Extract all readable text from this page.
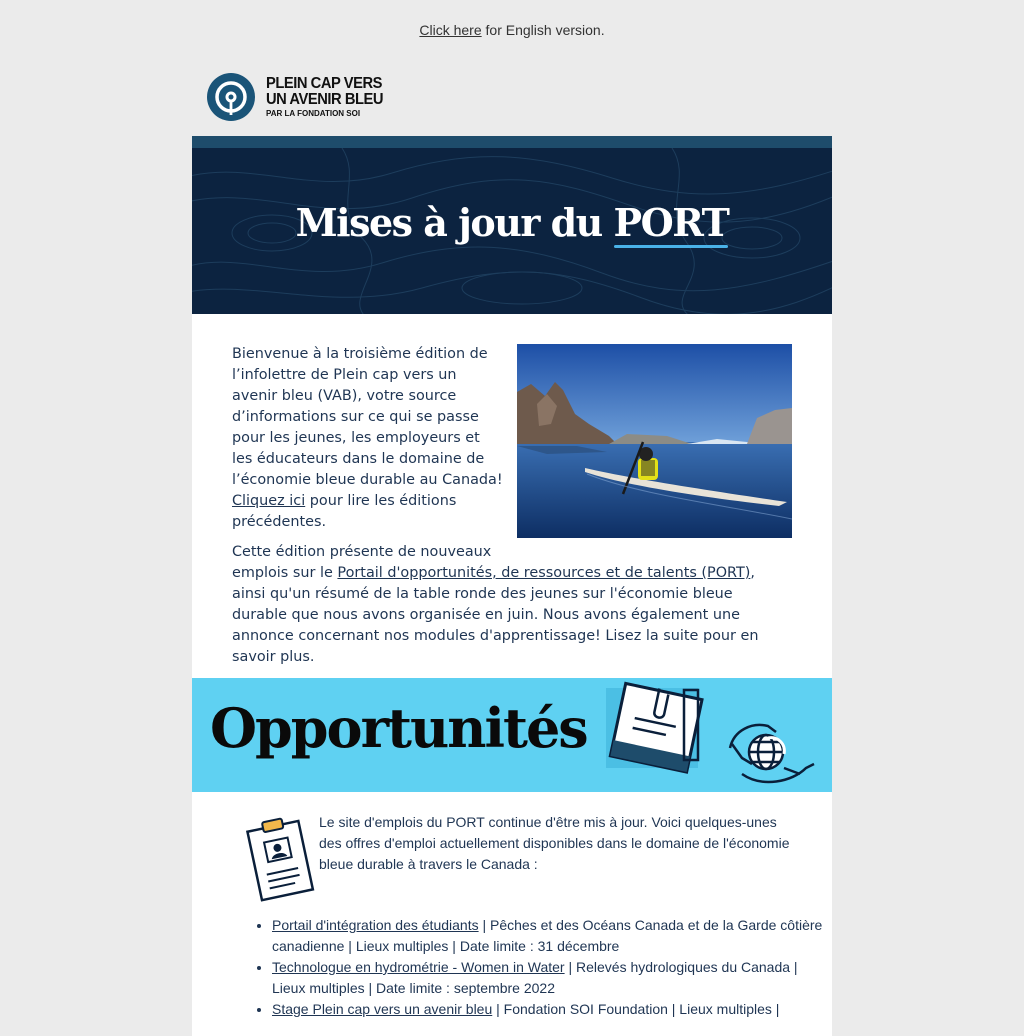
Click here for English version.
PLEIN CAP VERS
UN AVENIR BLEU
PAR LA FONDATION SOI
Mises à jour du PORT

Bienvenue à la troisième édition de l’infolettre de Plein cap vers un avenir bleu (VAB), votre source d’informations sur ce qui se passe pour les jeunes, les employeurs et les éducateurs dans le domaine de l’économie bleue durable au Canada! Cliquez ici pour lire les éditions précédentes.

Cette édition présente de nouveaux emplois sur le Portail d'opportunités, de ressources et de talents (PORT), ainsi qu'un résumé de la table ronde des jeunes sur l'économie bleue durable que nous avons organisée en juin. Nous avons également une annonce concernant nos modules d'apprentissage! Lisez la suite pour en savoir plus.

Opportunités

Le site d'emplois du PORT continue d'être mis à jour. Voici quelques-unes des offres d'emploi actuellement disponibles dans le domaine de l'économie bleue durable à travers le Canada :

• Portail d'intégration des étudiants | Pêches et des Océans Canada et de la Garde côtière canadienne | Lieux multiples | Date limite : 31 décembre
• Technologue en hydrométrie - Women in Water | Relevés hydrologiques du Canada | Lieux multiples | Date limite : septembre 2022
• Stage Plein cap vers un avenir bleu | Fondation SOI Foundation | Lieux multiples |
